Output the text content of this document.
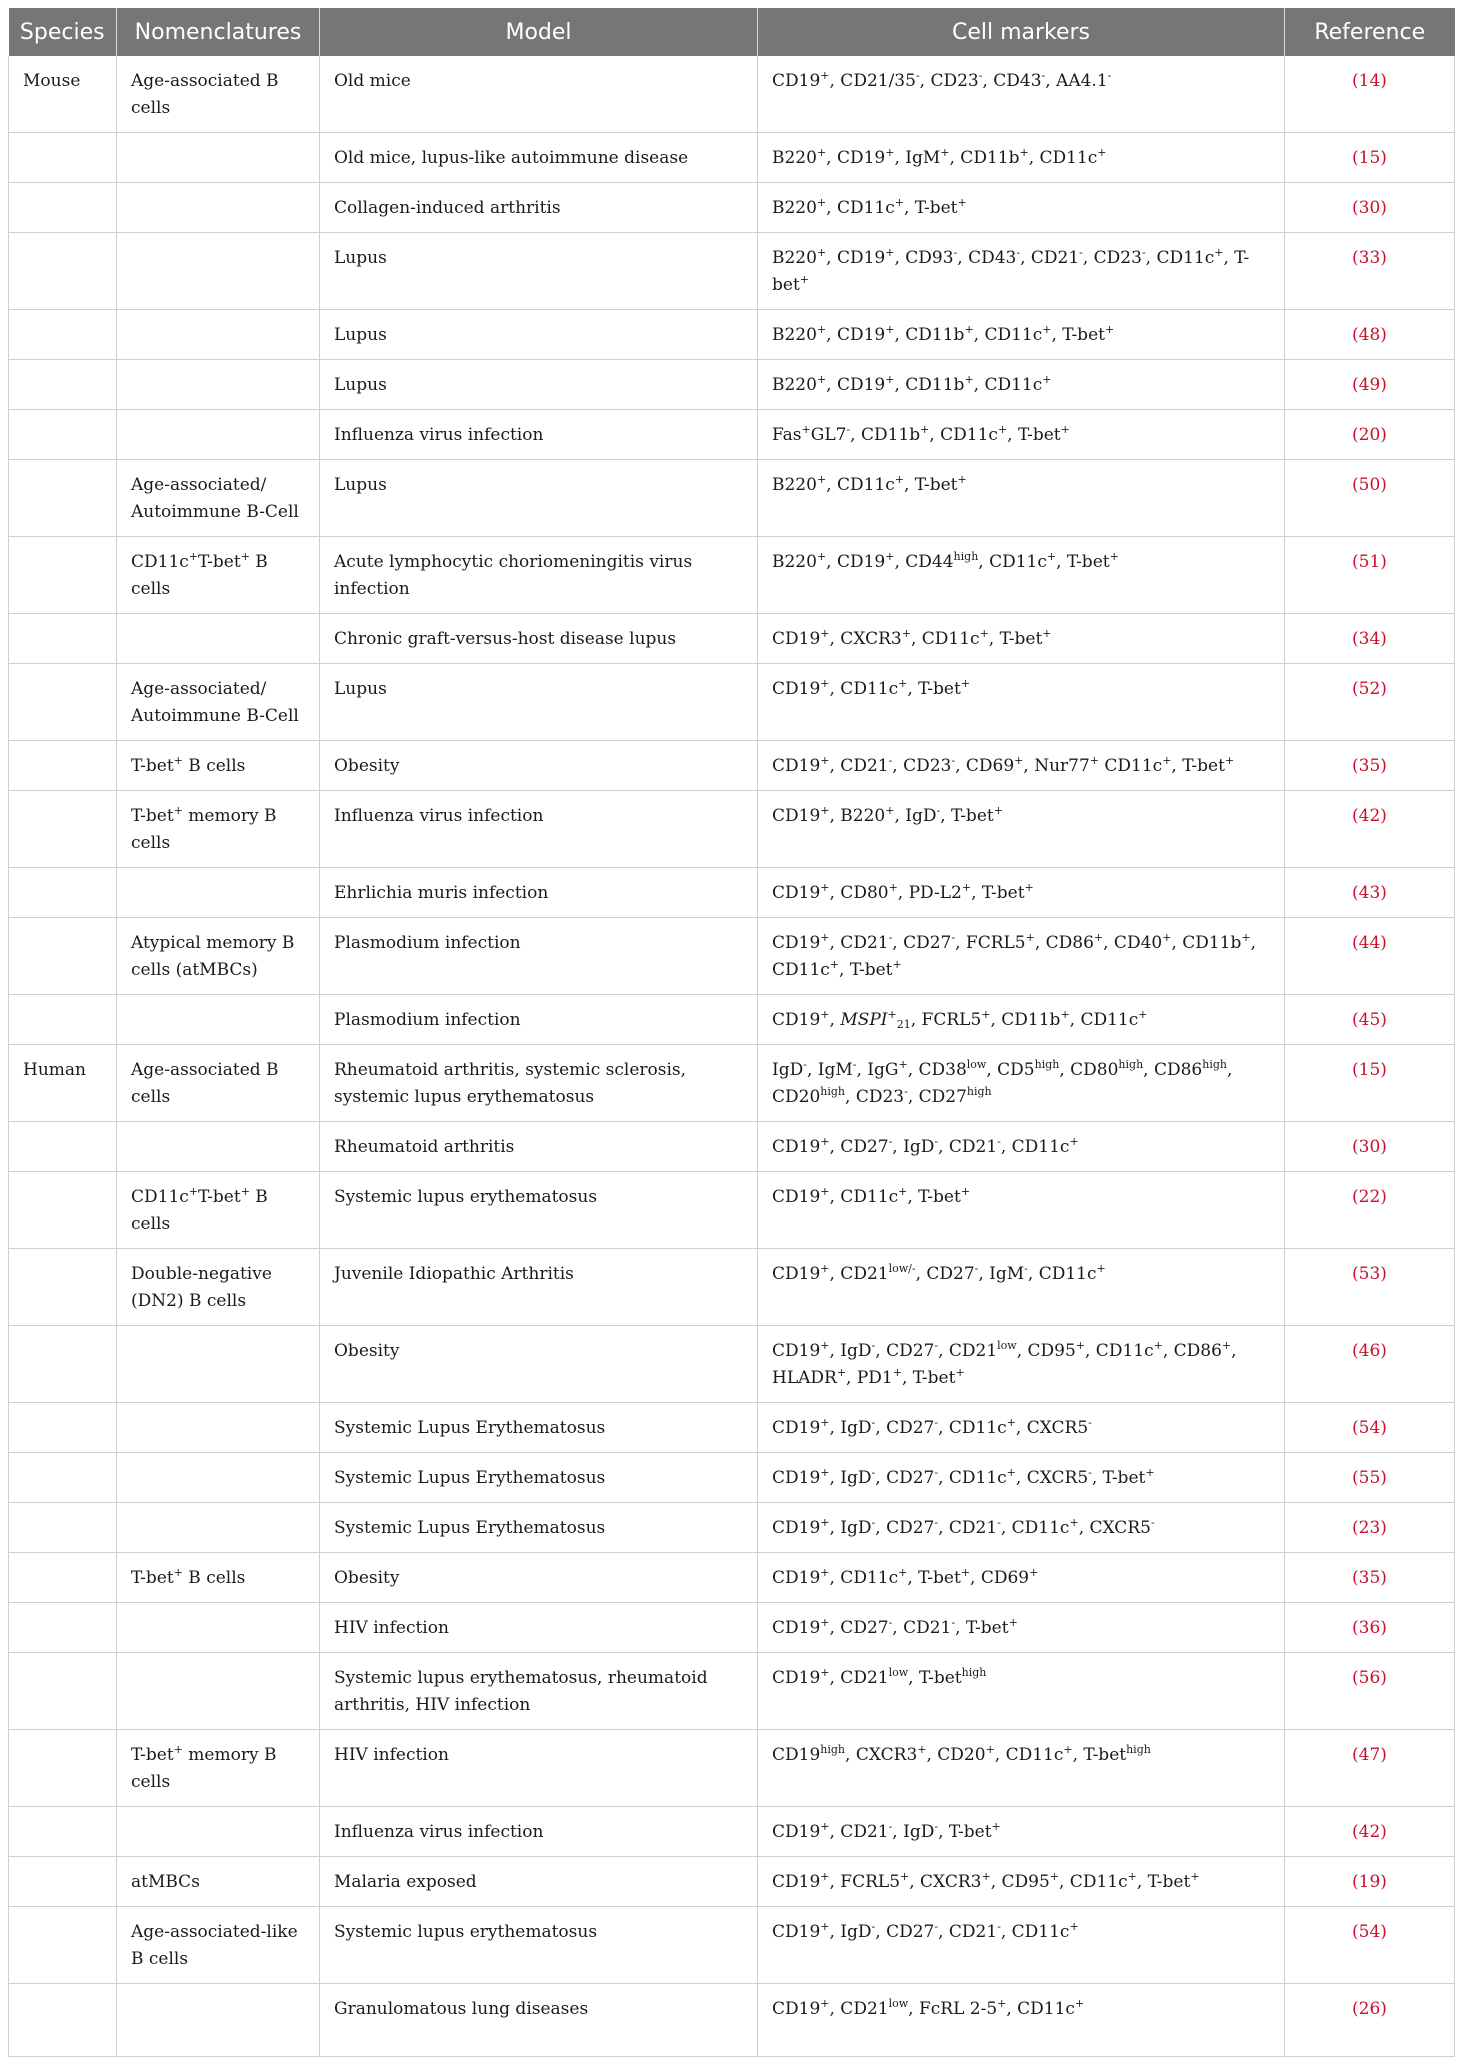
Species	Nomenclatures	Model	Cell markers	Reference
Mouse	Age-associated B cells	Old mice	CD19+, CD21/35-, CD23-, CD43-, AA4.1-	(14)
		Old mice, lupus-like autoimmune disease	B220+, CD19+, IgM+, CD11b+, CD11c+	(15)
		Collagen-induced arthritis	B220+, CD11c+, T-bet+	(30)
		Lupus	B220+, CD19+, CD93-, CD43-, CD21-, CD23-, CD11c+, T-bet+	(33)
		Lupus	B220+, CD19+, CD11b+, CD11c+, T-bet+	(48)
		Lupus	B220+, CD19+, CD11b+, CD11c+	(49)
		Influenza virus infection	Fas+GL7-, CD11b+, CD11c+, T-bet+	(20)
	Age-associated/ Autoimmune B-Cell	Lupus	B220+, CD11c+, T-bet+	(50)
	CD11c+T-bet+ B cells	Acute lymphocytic choriomeningitis virus infection	B220+, CD19+, $CD44^{high}$, CD11c+, T-bet+	(51)
		Chronic graft-versus-host disease lupus	CD19+, CXCR3+, CD11c+, T-bet+	(34)
	Age-associated/ Autoimmune B-Cell	Lupus	CD19+, CD11c+, T-bet+	(52)
	T-bet+ B cells	Obesity	CD19+, CD21-, CD23-, CD69+, Nur77+ CD11c+, T-bet+	(35)
	T-bet+ memory B cells	Influenza virus infection	CD19+, B220+, IgD-, T-bet+	(42)
		Ehrlichia muris infection	CD19+, CD80+, PD-L2+, T-bet+	(43)
	Atypical memory B cells (atMBCs)	Plasmodium infection	CD19+, CD21-, CD27-, FCRL5+, CD86+, CD40+, CD11b+, CD11c+, T-bet+	(44)
		Plasmodium infection	CD19+, $MSPI^+_{21}$, FCRL5+, CD11b+, CD11c+	(45)
Human	Age-associated B cells	Rheumatoid arthritis, systemic sclerosis, systemic lupus erythematosus	IgD-, IgM-, IgG+, $CD38^{low}$, $CD5^{high}$, $CD80^{high}$, $CD86^{high}$, $CD20^{high}$, CD23-, $CD27^{high}$	(15)
		Rheumatoid arthritis	CD19+, CD27-, IgD-, CD21-, CD11c+	(30)
	CD11c+T-bet+ B cells	Systemic lupus erythematosus	CD19+, CD11c+, T-bet+	(22)
	Double-negative (DN2) B cells	Juvenile Idiopathic Arthritis	CD19+, $CD21^{low/-}$, CD27-, IgM-, CD11c+	(53)
		Obesity	CD19+, IgD-, CD27-, $CD21^{low}$, CD95+, CD11c+, CD86+, HLADR+, PD1+, T-bet+	(46)
		Systemic Lupus Erythematosus	CD19+, IgD-, CD27-, CD11c+, CXCR5-	(54)
		Systemic Lupus Erythematosus	CD19+, IgD-, CD27-, CD11c+, CXCR5-, T-bet+	(55)
		Systemic Lupus Erythematosus	CD19+, IgD-, CD27-, CD21-, CD11c+, CXCR5-	(23)
	T-bet+ B cells	Obesity	CD19+, CD11c+, T-bet+, CD69+	(35)
		HIV infection	CD19+, CD27-, CD21-, T-bet+	(36)
		Systemic lupus erythematosus, rheumatoid arthritis, HIV infection	CD19+, $CD21^{low}$, T-bet$^{high}$	(56)
	T-bet+ memory B cells	HIV infection	$CD19^{high}$, CXCR3+, CD20+, CD11c+, T-bet$^{high}$	(47)
		Influenza virus infection	CD19+, CD21-, IgD-, T-bet+	(42)
	atMBCs	Malaria exposed	CD19+, FCRL5+, CXCR3+, CD95+, CD11c+, T-bet+	(19)
	Age-associated-like B cells	Systemic lupus erythematosus	CD19+, IgD-, CD27-, CD21-, CD11c+	(54)
		Granulomatous lung diseases	CD19+, $CD21^{low}$, FcRL 2-5+, CD11c+	(26)
